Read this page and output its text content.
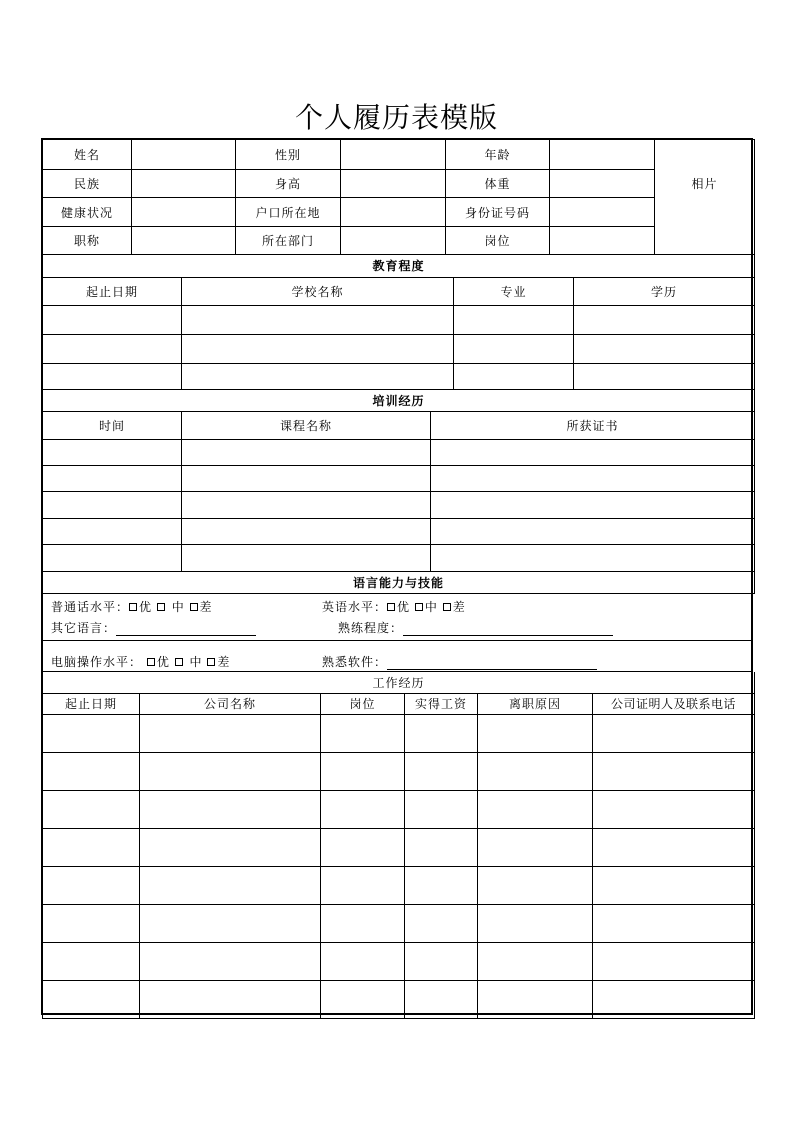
个人履历表模版
姓名		性别		年龄		相片
民族		身高		体重		
健康状况		户口所在地		身份证号码		
职称		所在部门		岗位		
教育程度			
起止日期	学校名称	专业	学历

培训经历		
时间	课程名称	所获证书

语言能力与技能		
普通话水平： 优 中 差	英语水平： 优 中 差
其它语言：	熟练程度：
电脑操作水平： 优 中 差	熟悉软件：
工作经历					
起止日期	公司名称	岗位	实得工资	离职原因	公司证明人及联系电话
